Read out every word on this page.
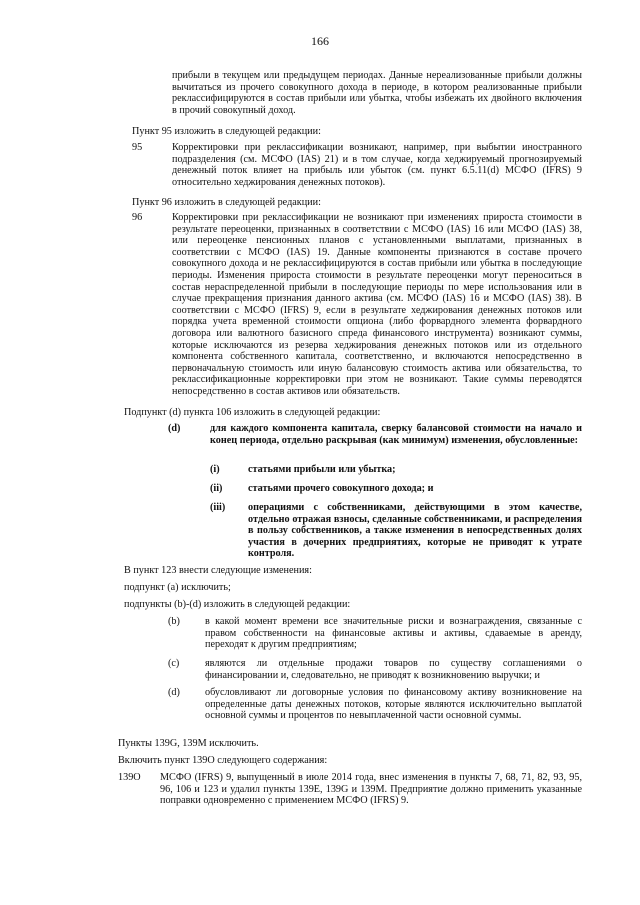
166

прибыли в текущем или предыдущем периодах. Данные нереализованные прибыли должны вычитаться из прочего совокупного дохода в периоде, в котором реализованные прибыли реклассифицируются в состав прибыли или убытка, чтобы избежать их двойного включения в прочий совокупный доход.

Пункт 95 изложить в следующей редакции:

95	Корректировки при реклассификации возникают, например, при выбытии иностранного подразделения (см. МСФО (IAS) 21) и в том случае, когда хеджируемый прогнозируемый денежный поток влияет на прибыль или убыток (см. пункт 6.5.11(d) МСФО (IFRS) 9 относительно хеджирования денежных потоков).

Пункт 96 изложить в следующей редакции:

96	Корректировки при реклассификации не возникают при изменениях прироста стоимости в результате переоценки, признанных в соответствии с МСФО (IAS) 16 или МСФО (IAS) 38, или переоценке пенсионных планов с установленными выплатами, признанных в соответствии с МСФО (IAS) 19. Данные компоненты признаются в составе прочего совокупного дохода и не реклассифицируются в состав прибыли или убытка в последующие периоды. Изменения прироста стоимости в результате переоценки могут переноситься в состав нераспределенной прибыли в последующие периоды по мере использования или в случае прекращения признания данного актива (см. МСФО (IAS) 16 и МСФО (IAS) 38). В соответствии с МСФО (IFRS) 9, если в результате хеджирования денежных потоков или порядка учета временной стоимости опциона (либо форвардного элемента форвардного договора или валютного базисного спреда финансового инструмента) возникают суммы, которые исключаются из резерва хеджирования денежных потоков или из отдельного компонента собственного капитала, соответственно, и включаются непосредственно в первоначальную стоимость или иную балансовую стоимость актива или обязательства, то реклассификационные корректировки при этом не возникают. Такие суммы переводятся непосредственно в состав активов или обязательств.

Подпункт (d) пункта 106 изложить в следующей редакции:

(d)	для каждого компонента капитала, сверку балансовой стоимости на начало и конец периода, отдельно раскрывая (как минимум) изменения, обусловленные:

(i)	статьями прибыли или убытка;

(ii)	статьями прочего совокупного дохода; и

(iii) операциями с собственниками, действующими в этом качестве, отдельно отражая взносы, сделанные собственниками, и распределения в пользу собственников, а также изменения в непосредственных долях участия в дочерних предприятиях, которые не приводят к утрате контроля.

В пункт 123 внести следующие изменения:

подпункт (a) исключить;

подпункты (b)-(d) изложить в следующей редакции:

(b) в какой момент времени все значительные риски и вознаграждения, связанные с правом собственности на финансовые активы и активы, сдаваемые в аренду, переходят к другим предприятиям;

(c)	являются ли отдельные продажи товаров по существу соглашениями о финансировании и, следовательно, не приводят к возникновению выручки; и

(d) обусловливают ли договорные условия по финансовому активу возникновение на определенные даты денежных потоков, которые являются исключительно выплатой основной суммы и процентов по невыплаченной части основной суммы.

Пункты 139G, 139M исключить.

Включить пункт 139O следующего содержания:

139O МСФО (IFRS) 9, выпущенный в июле 2014 года, внес изменения в пункты 7, 68, 71, 82, 93, 95, 96, 106 и 123 и удалил пункты 139E, 139G и 139M. Предприятие должно применить указанные поправки одновременно с применением МСФО (IFRS) 9.
